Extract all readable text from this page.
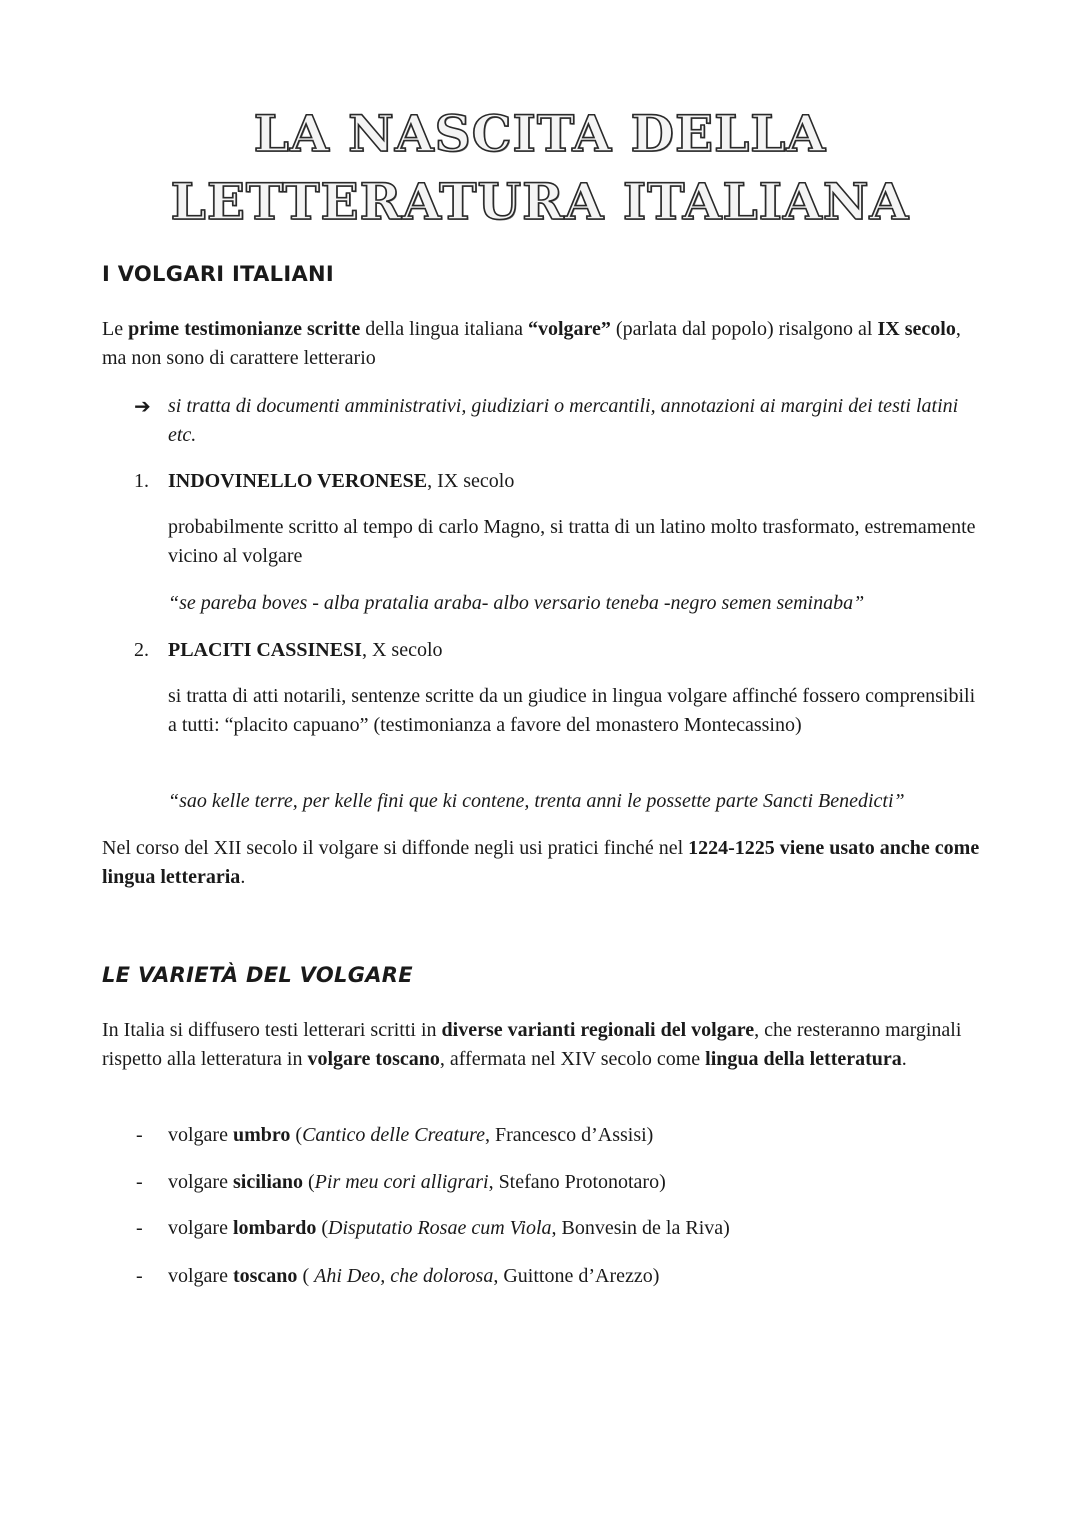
LA NASCITA DELLA
LETTERATURA ITALIANA
I VOLGARI ITALIANI
Le prime testimonianze scritte della lingua italiana “volgare” (parlata dal popolo) risalgono al IX secolo, ma non sono di carattere letterario
➔ si tratta di documenti amministrativi, giudiziari o mercantili, annotazioni ai margini dei testi latini etc.
1. INDOVINELLO VERONESE, IX secolo
probabilmente scritto al tempo di carlo Magno, si tratta di un latino molto trasformato, estremamente vicino al volgare
“se pareba boves - alba pratalia araba- albo versario teneba -negro semen seminaba”
2. PLACITI CASSINESI, X secolo
si tratta di atti notarili, sentenze scritte da un giudice in lingua volgare affinché fossero comprensibili a tutti: “placito capuano” (testimonianza a favore del monastero Montecassino)
“sao kelle terre, per kelle fini que ki contene, trenta anni le possette parte Sancti Benedicti”
Nel corso del XII secolo il volgare si diffonde negli usi pratici finché nel 1224-1225 viene usato anche come lingua letteraria.
LE VARIETÀ DEL VOLGARE
In Italia si diffusero testi letterari scritti in diverse varianti regionali del volgare, che resteranno marginali rispetto alla letteratura in volgare toscano, affermata nel XIV secolo come lingua della letteratura.
- volgare umbro (Cantico delle Creature, Francesco d’Assisi)
- volgare siciliano (Pir meu cori alligrari, Stefano Protonotaro)
- volgare lombardo (Disputatio Rosae cum Viola, Bonvesin de la Riva)
- volgare toscano ( Ahi Deo, che dolorosa, Guittone d’Arezzo)
